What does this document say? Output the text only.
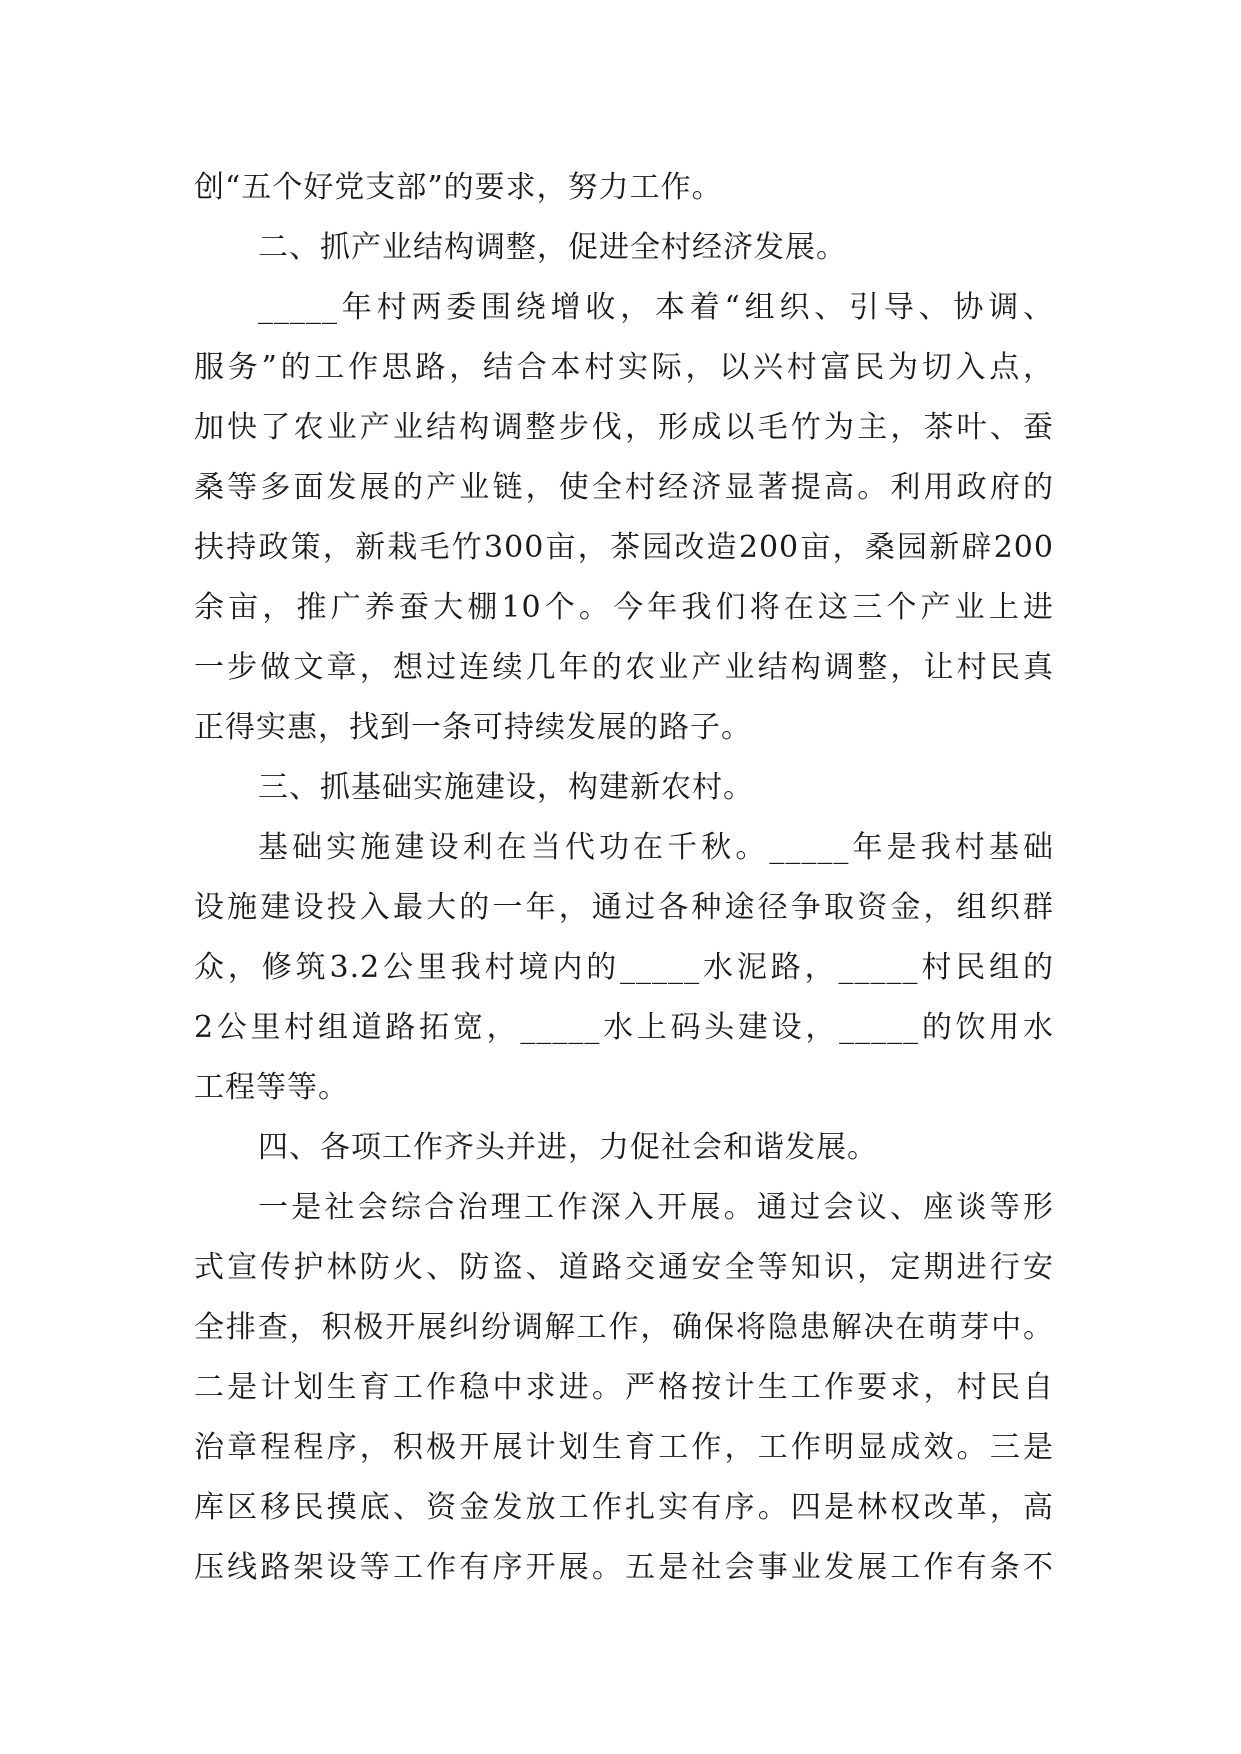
创“五个好党支部”的要求，努力工作。
二、抓产业结构调整，促进全村经济发展。
_____年村两委围绕增收，本着“组织、引导、协调、
服务”的工作思路，结合本村实际，以兴村富民为切入点，
加快了农业产业结构调整步伐，形成以毛竹为主，茶叶、蚕
桑等多面发展的产业链，使全村经济显著提高。利用政府的
扶持政策，新栽毛竹300亩，茶园改造200亩，桑园新辟200
余亩，推广养蚕大棚10个。今年我们将在这三个产业上进
一步做文章，想过连续几年的农业产业结构调整，让村民真
正得实惠，找到一条可持续发展的路子。
三、抓基础实施建设，构建新农村。
基础实施建设利在当代功在千秋。_____年是我村基础
设施建设投入最大的一年，通过各种途径争取资金，组织群
众，修筑3.2公里我村境内的_____水泥路，_____村民组的
2公里村组道路拓宽，_____水上码头建设，_____的饮用水
工程等等。
四、各项工作齐头并进，力促社会和谐发展。
一是社会综合治理工作深入开展。通过会议、座谈等形
式宣传护林防火、防盗、道路交通安全等知识，定期进行安
全排查，积极开展纠纷调解工作，确保将隐患解决在萌芽中。
二是计划生育工作稳中求进。严格按计生工作要求，村民自
治章程程序，积极开展计划生育工作，工作明显成效。三是
库区移民摸底、资金发放工作扎实有序。四是林权改革，高
压线路架设等工作有序开展。五是社会事业发展工作有条不
